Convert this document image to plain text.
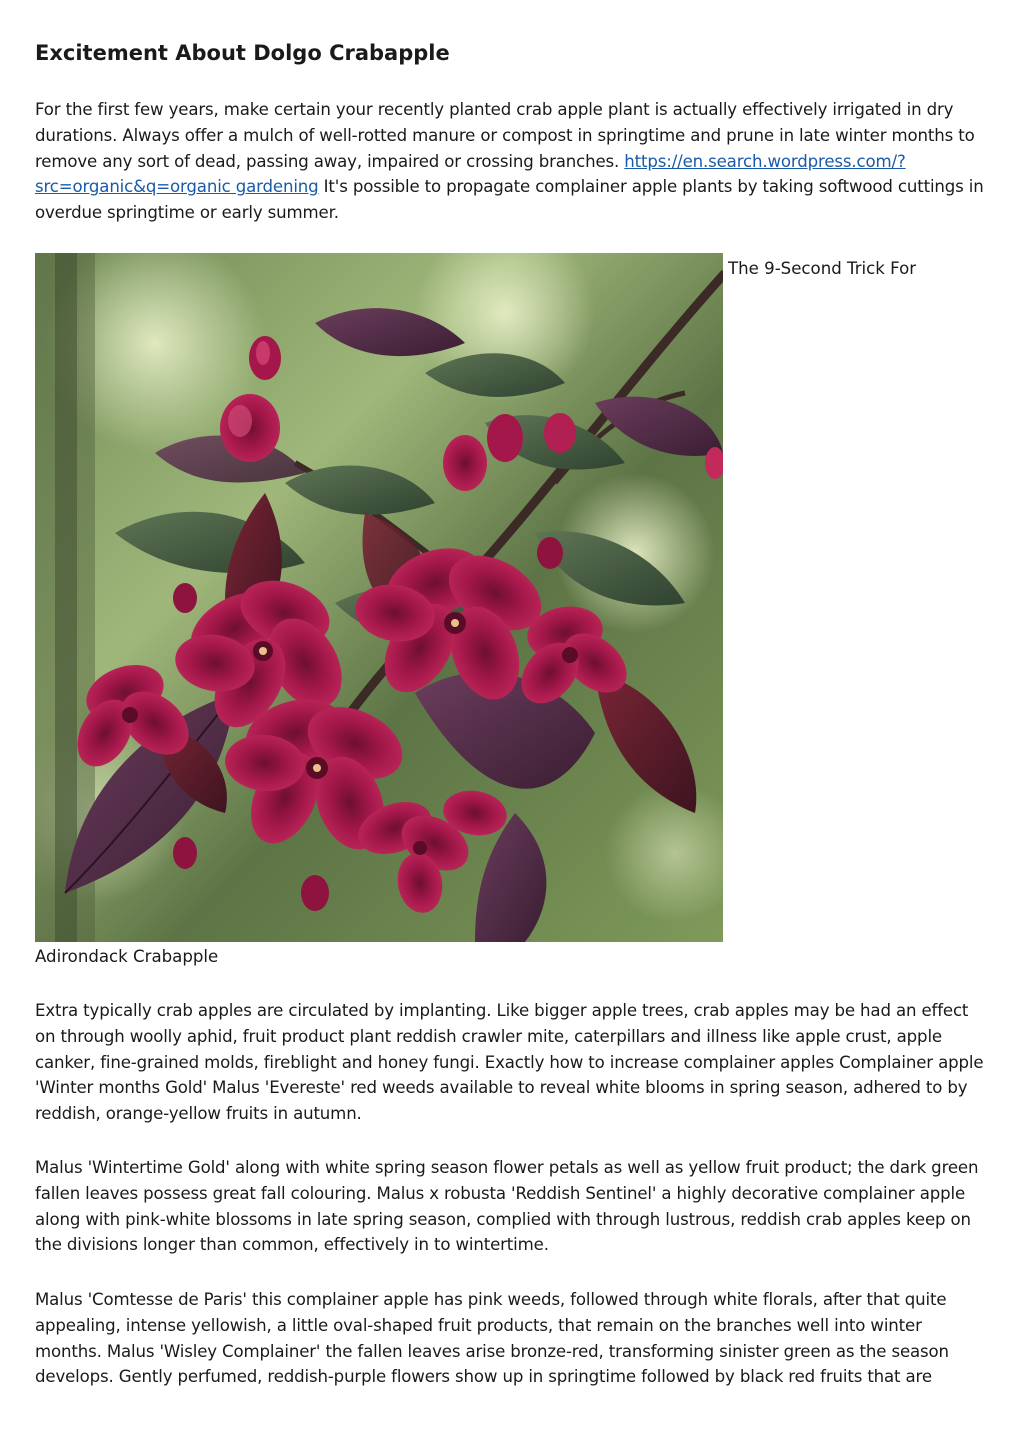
Excitement About Dolgo Crabapple

For the first few years, make certain your recently planted crab apple plant is actually effectively irrigated in dry durations. Always offer a mulch of well-rotted manure or compost in springtime and prune in late winter months to remove any sort of dead, passing away, impaired or crossing branches. https://en.search.wordpress.com/?src=organic&q=organic gardening It's possible to propagate complainer apple plants by taking softwood cuttings in overdue springtime or early summer.

The 9-Second Trick For
Adirondack Crabapple

Extra typically crab apples are circulated by implanting. Like bigger apple trees, crab apples may be had an effect on through woolly aphid, fruit product plant reddish crawler mite, caterpillars and illness like apple crust, apple canker, fine-grained molds, fireblight and honey fungi. Exactly how to increase complainer apples Complainer apple 'Winter months Gold' Malus 'Evereste' red weeds available to reveal white blooms in spring season, adhered to by reddish, orange-yellow fruits in autumn.

Malus 'Wintertime Gold' along with white spring season flower petals as well as yellow fruit product; the dark green fallen leaves possess great fall colouring. Malus x robusta 'Reddish Sentinel' a highly decorative complainer apple along with pink-white blossoms in late spring season, complied with through lustrous, reddish crab apples keep on the divisions longer than common, effectively in to wintertime.

Malus 'Comtesse de Paris' this complainer apple has pink weeds, followed through white florals, after that quite appealing, intense yellowish, a little oval-shaped fruit products, that remain on the branches well into winter months. Malus 'Wisley Complainer' the fallen leaves arise bronze-red, transforming sinister green as the season develops. Gently perfumed, reddish-purple flowers show up in springtime followed by black red fruits that are
